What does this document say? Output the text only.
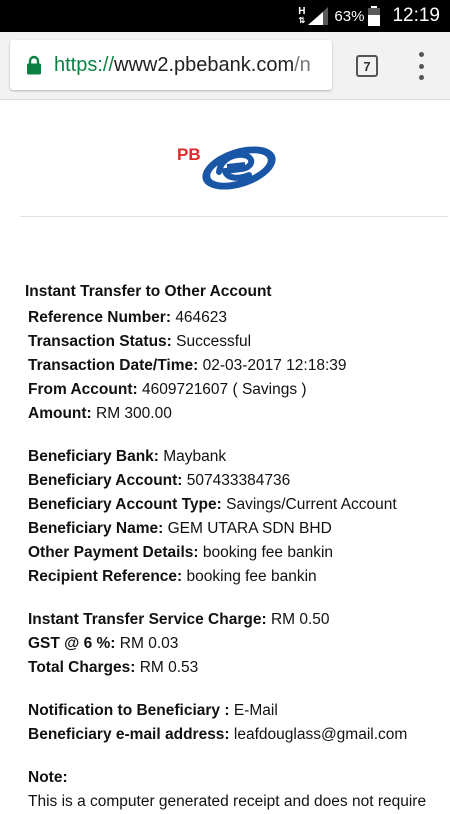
H
⇅ 63% 12:19
https:// www2.pbebank.com /n	7
PB
Instant Transfer to Other Account
Reference Number: 464623
Transaction Status: Successful
Transaction Date/Time: 02-03-2017 12:18:39
From Account: 4609721607 ( Savings )
Amount: RM 300.00
Beneficiary Bank: Maybank
Beneficiary Account: 507433384736
Beneficiary Account Type: Savings/Current Account
Beneficiary Name: GEM UTARA SDN BHD
Other Payment Details: booking fee bankin
Recipient Reference: booking fee bankin
Instant Transfer Service Charge: RM 0.50
GST @ 6 %: RM 0.03
Total Charges: RM 0.53
Notification to Beneficiary : E-Mail
Beneficiary e-mail address: leafdouglass@gmail.com
Note:
This is a computer generated receipt and does not require
